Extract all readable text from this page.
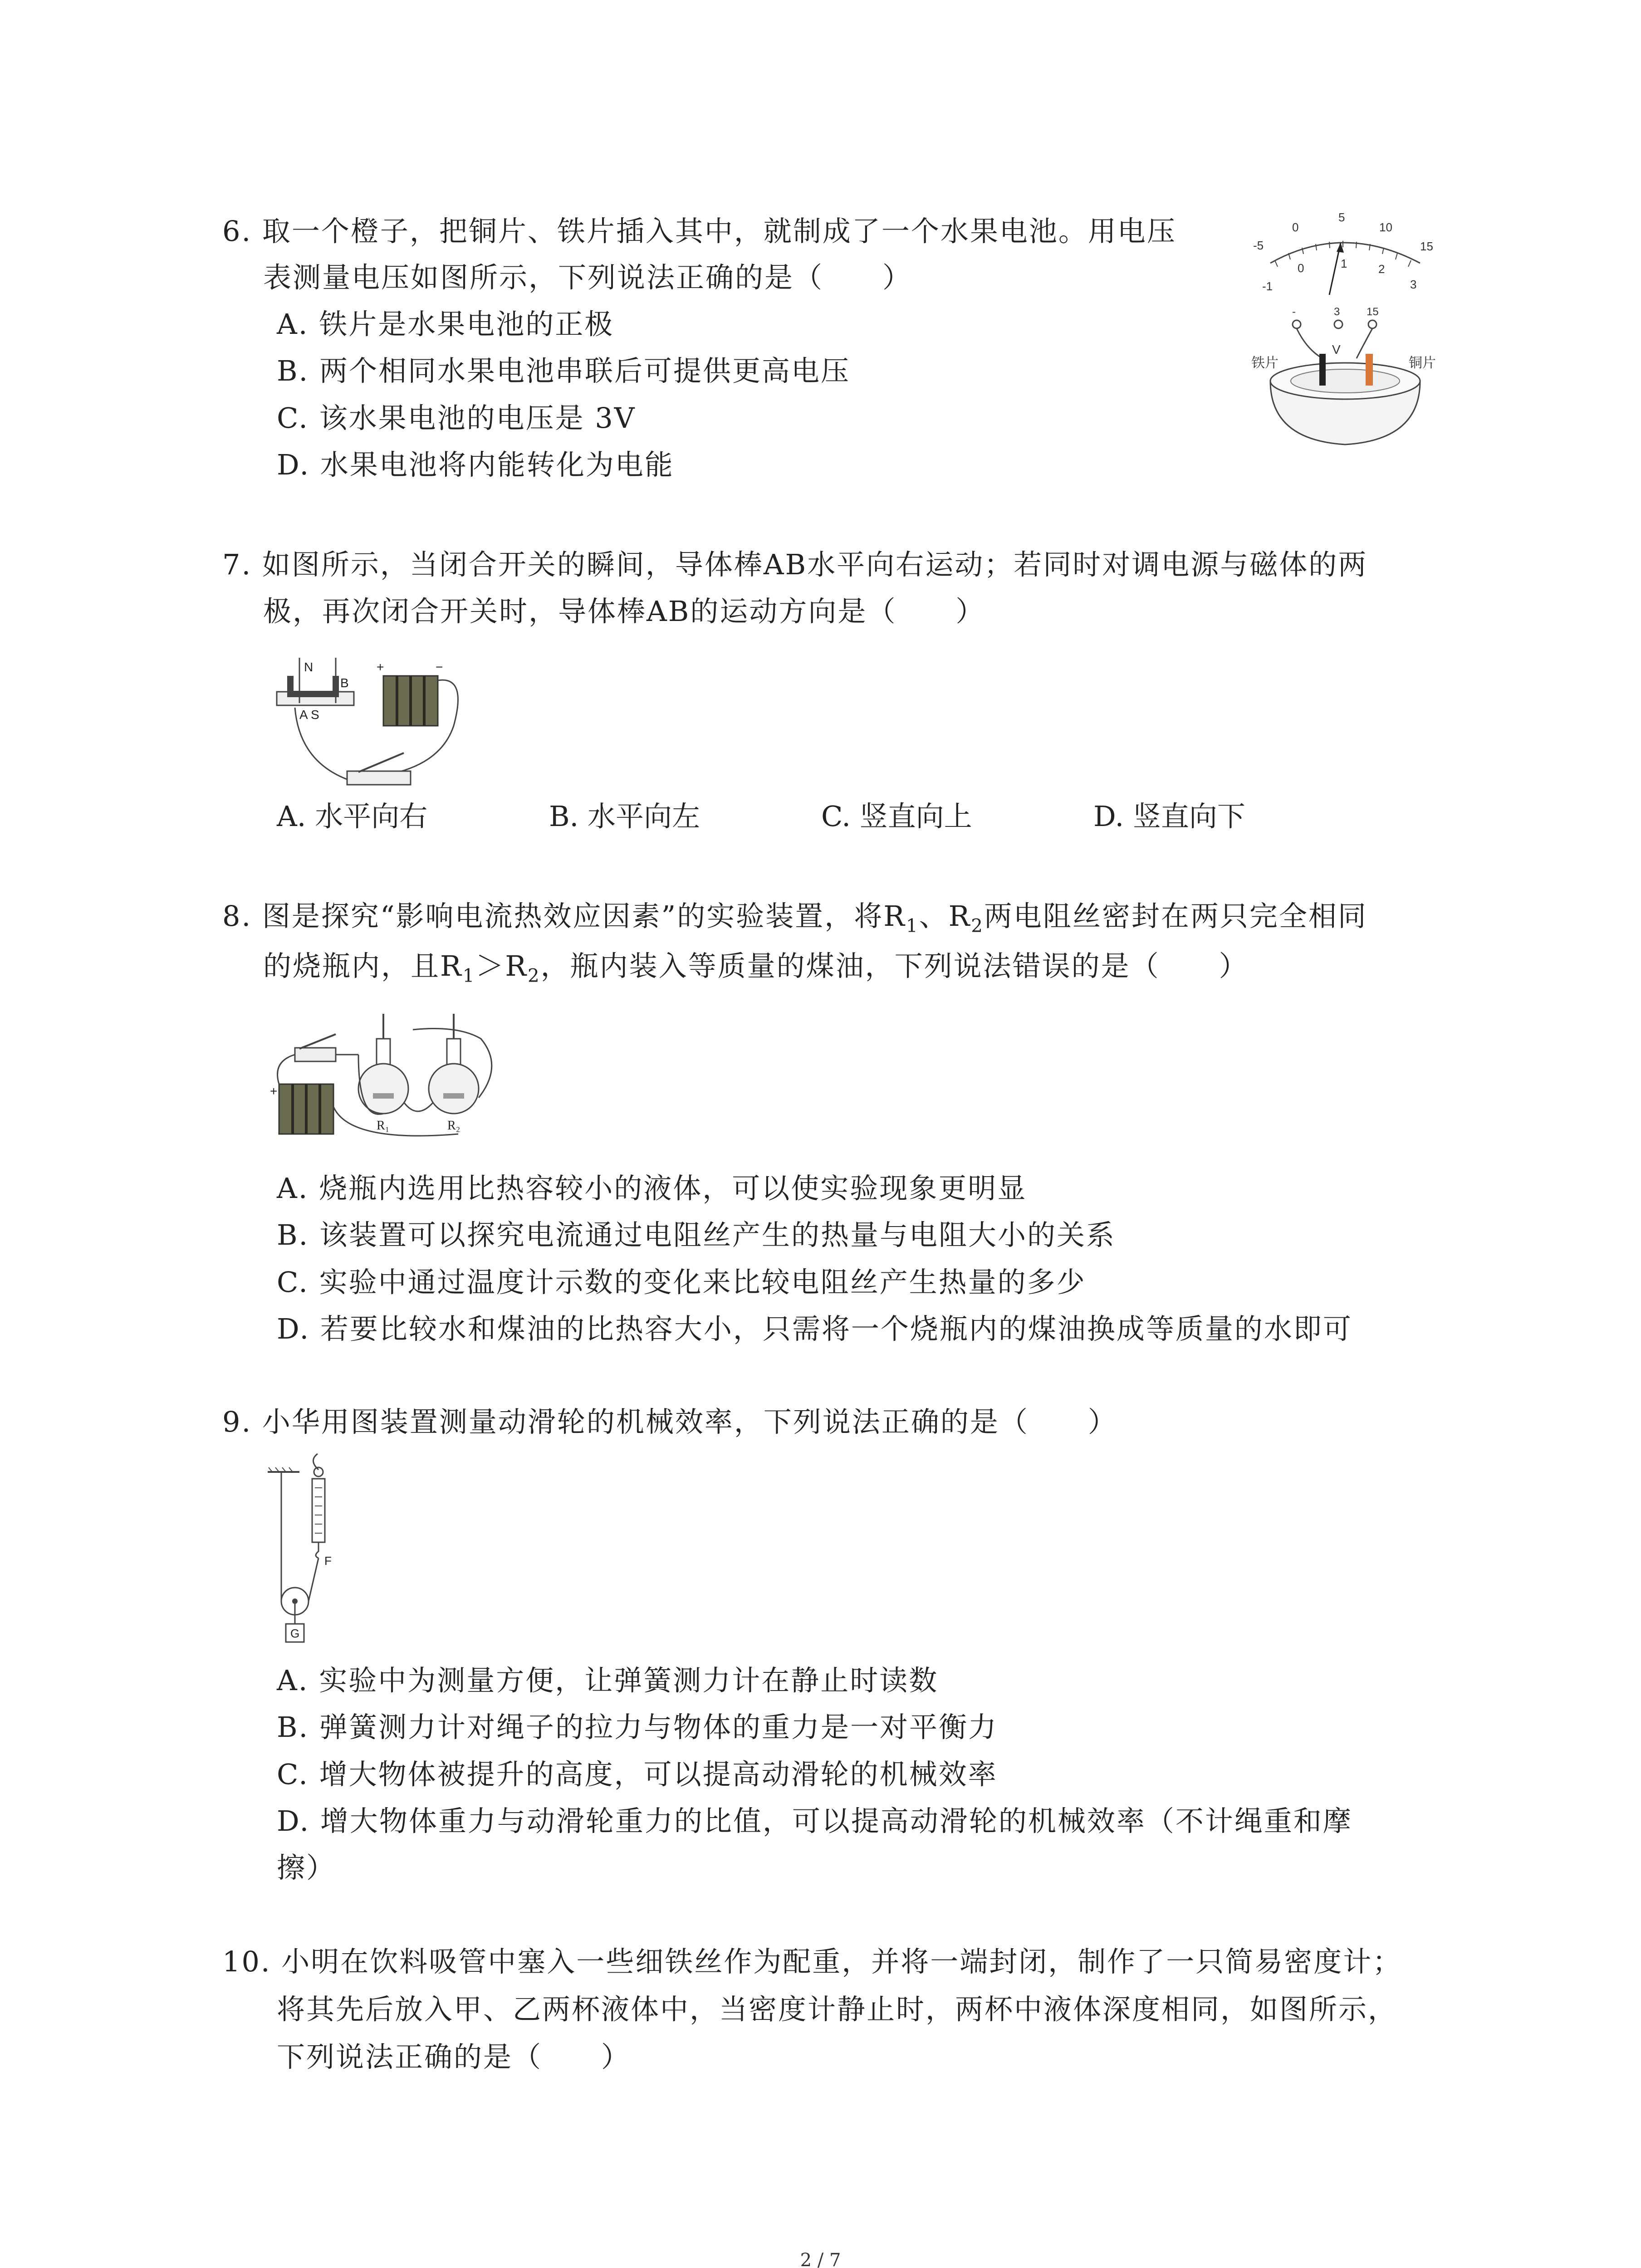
6. 取一个橙子，把铜片、铁片插入其中，就制成了一个水果电池。用电压
表测量电压如图所示，下列说法正确的是（　　）
A. 铁片是水果电池的正极
B. 两个相同水果电池串联后可提供更高电压
C. 该水果电池的电压是 3V
D. 水果电池将内能转化为电能
-5
0
5
10
15
-1
0	1	2
3
-	3 15
V
铁片	铜片
7. 如图所示，当闭合开关的瞬间，导体棒AB水平向右运动；若同时对调电源与磁体的两
极，再次闭合开关时，导体棒AB的运动方向是（　　）
N
B
A S
+	−
A. 水平向右	B. 水平向左	C. 竖直向上	D. 竖直向下
8. 图是探究“影响电流热效应因素”的实验装置，将$R_1$、$R_2$两电阻丝密封在两只完全相同
的烧瓶内，且$R_1>R_2$，瓶内装入等质量的煤油，下列说法错误的是（　　）
+
R₁	R₂
A. 烧瓶内选用比热容较小的液体，可以使实验现象更明显
B. 该装置可以探究电流通过电阻丝产生的热量与电阻大小的关系
C. 实验中通过温度计示数的变化来比较电阻丝产生热量的多少
D. 若要比较水和煤油的比热容大小，只需将一个烧瓶内的煤油换成等质量的水即可
9. 小华用图装置测量动滑轮的机械效率，下列说法正确的是（　　）
F
G
A. 实验中为测量方便，让弹簧测力计在静止时读数
B. 弹簧测力计对绳子的拉力与物体的重力是一对平衡力
C. 增大物体被提升的高度，可以提高动滑轮的机械效率
D. 增大物体重力与动滑轮重力的比值，可以提高动滑轮的机械效率（不计绳重和摩
擦）
10. 小明在饮料吸管中塞入一些细铁丝作为配重，并将一端封闭，制作了一只简易密度计；
将其先后放入甲、乙两杯液体中，当密度计静止时，两杯中液体深度相同，如图所示，
下列说法正确的是（　　）
2 / 7
